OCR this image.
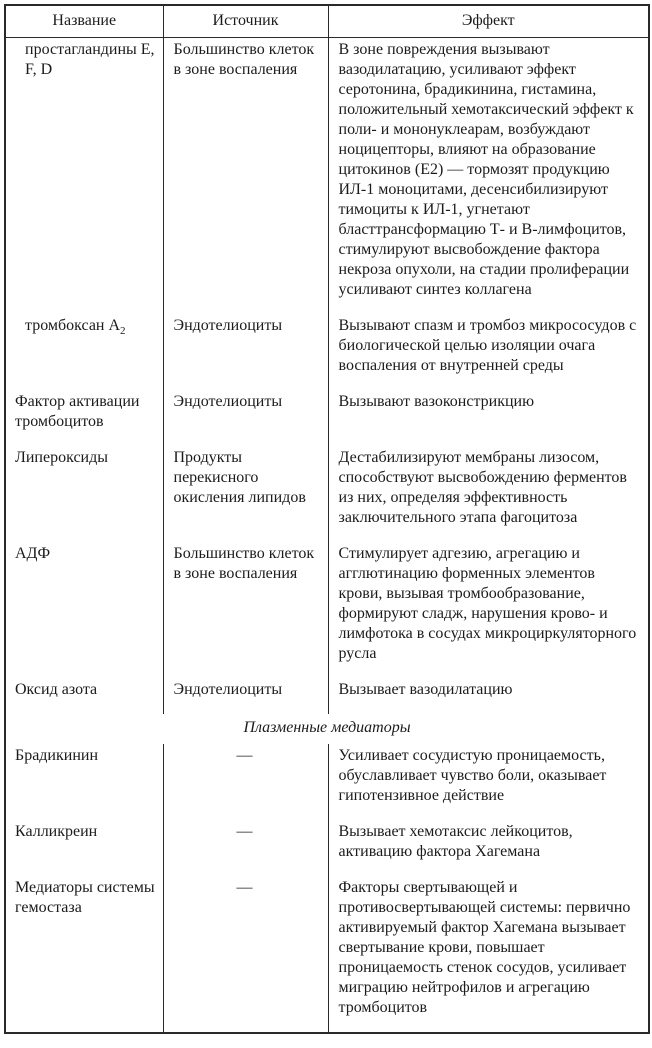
Название	Источник	Эффект
простагландины E, F, D	Большинство клеток в зоне воспаления	В зоне повреждения вызывают вазодилатацию, усиливают эффект серотонина, брадикинина, гистамина, положительный хемотаксический эффект к поли- и мононуклеарам, возбуждают ноцицепторы, влияют на образование цитокинов (Е2) — тормозят продукцию ИЛ-1 моноцитами, десенсибилизируют тимоциты к ИЛ-1, угнетают бласттрансформацию Т- и В-лимфоцитов, стимулируют высвобождение фактора некроза опухоли, на стадии пролиферации усиливают синтез коллагена
тромбоксан $А_2$	Эндотелиоциты	Вызывают спазм и тромбоз микрососудов с биологической целью изоляции очага воспаления от внутренней среды
Фактор активации тромбоцитов	Эндотелиоциты	Вызывают вазоконстрикцию
Липероксиды	Продукты перекисного окисления липидов	Дестабилизируют мембраны лизосом, способствуют высвобождению ферментов из них, определяя эффективность заключительного этапа фагоцитоза
АДФ	Большинство клеток в зоне воспаления	Стимулирует адгезию, агрегацию и агглютинацию форменных элементов крови, вызывая тромбообразование, формируют сладж, нарушения крово- и лимфотока в сосудах микроциркуляторного русла
Оксид азота	Эндотелиоциты	Вызывает вазодилатацию
Плазменные медиаторы		
Брадикинин	—	Усиливает сосудистую проницаемость, обуславливает чувство боли, оказывает гипотензивное действие
Калликреин	—	Вызывает хемотаксис лейкоцитов, активацию фактора Хагемана
Медиаторы системы гемостаза	—	Факторы свертывающей и противосвертывающей системы: первично активируемый фактор Хагемана вызывает свертывание крови, повышает проницаемость стенок сосудов, усиливает миграцию нейтрофилов и агрегацию тромбоцитов
